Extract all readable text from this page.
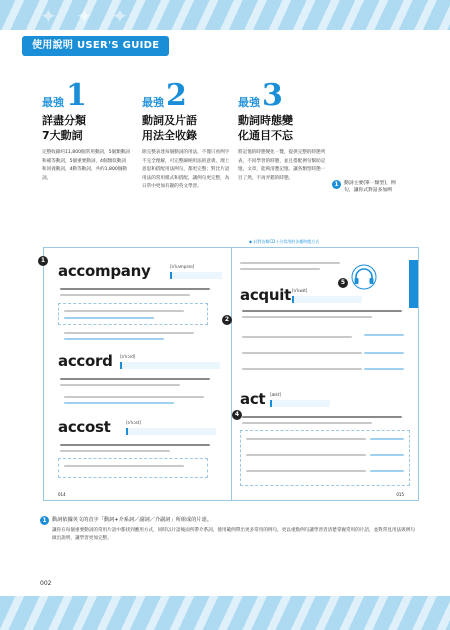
✦ ✦ ✦
使用說明 USER'S GUIDE
最強 1
詳盡分類
7大動詞
完整收錄約11,800個常用動詞，5個類動詞和補等動詞，5個重要動詞，4個類似動詞和同義動詞，4動等動詞，共約1,800個動詞。
最強 2
動詞及片語
用法全收錄
除完整表達每個動詞的用法，不僅只看例字不完全理解，可完整歸納用法的意義，理上意思和搭配用法例句，都更完整；對比片語用法的常用模式和搭配，讓例句更完整，為日常中更加有趣的英文學習。
最強 3
動詞時態變
化通目不忘
將記憶的時態變化一覽，提供完整的時態列表，不同學習的時態，並且搭配例句幫助記憶，文章，能夠清楚記憶，讓各類型時態一目了然，不再弄錯的時態。
1	動詞主要(單一類型)，例句，讓你式對話多加例
◆ 針對各類CD十分常用的各種時態方式
1
accompany	[ə'kʌmpənɪ]
2
accord [ə'kɔrd]
accost	[ə'kɔst]
014
5
acquit [ə'kwɪt]
4
act [ækt]
015
1	動詞依據英文的首字「動詞+介系詞／副詞／介副詞」所組成的片語。
讓你在每個重要動詞的常用片語中都找到應用方式，同時以片語後面所帶介系詞，使用範例帶出更多常用的例句，更以重點例句讓學習者清楚掌握常用的片語，並對常見用法與例句做出說明，讓學習更加完整。
002
